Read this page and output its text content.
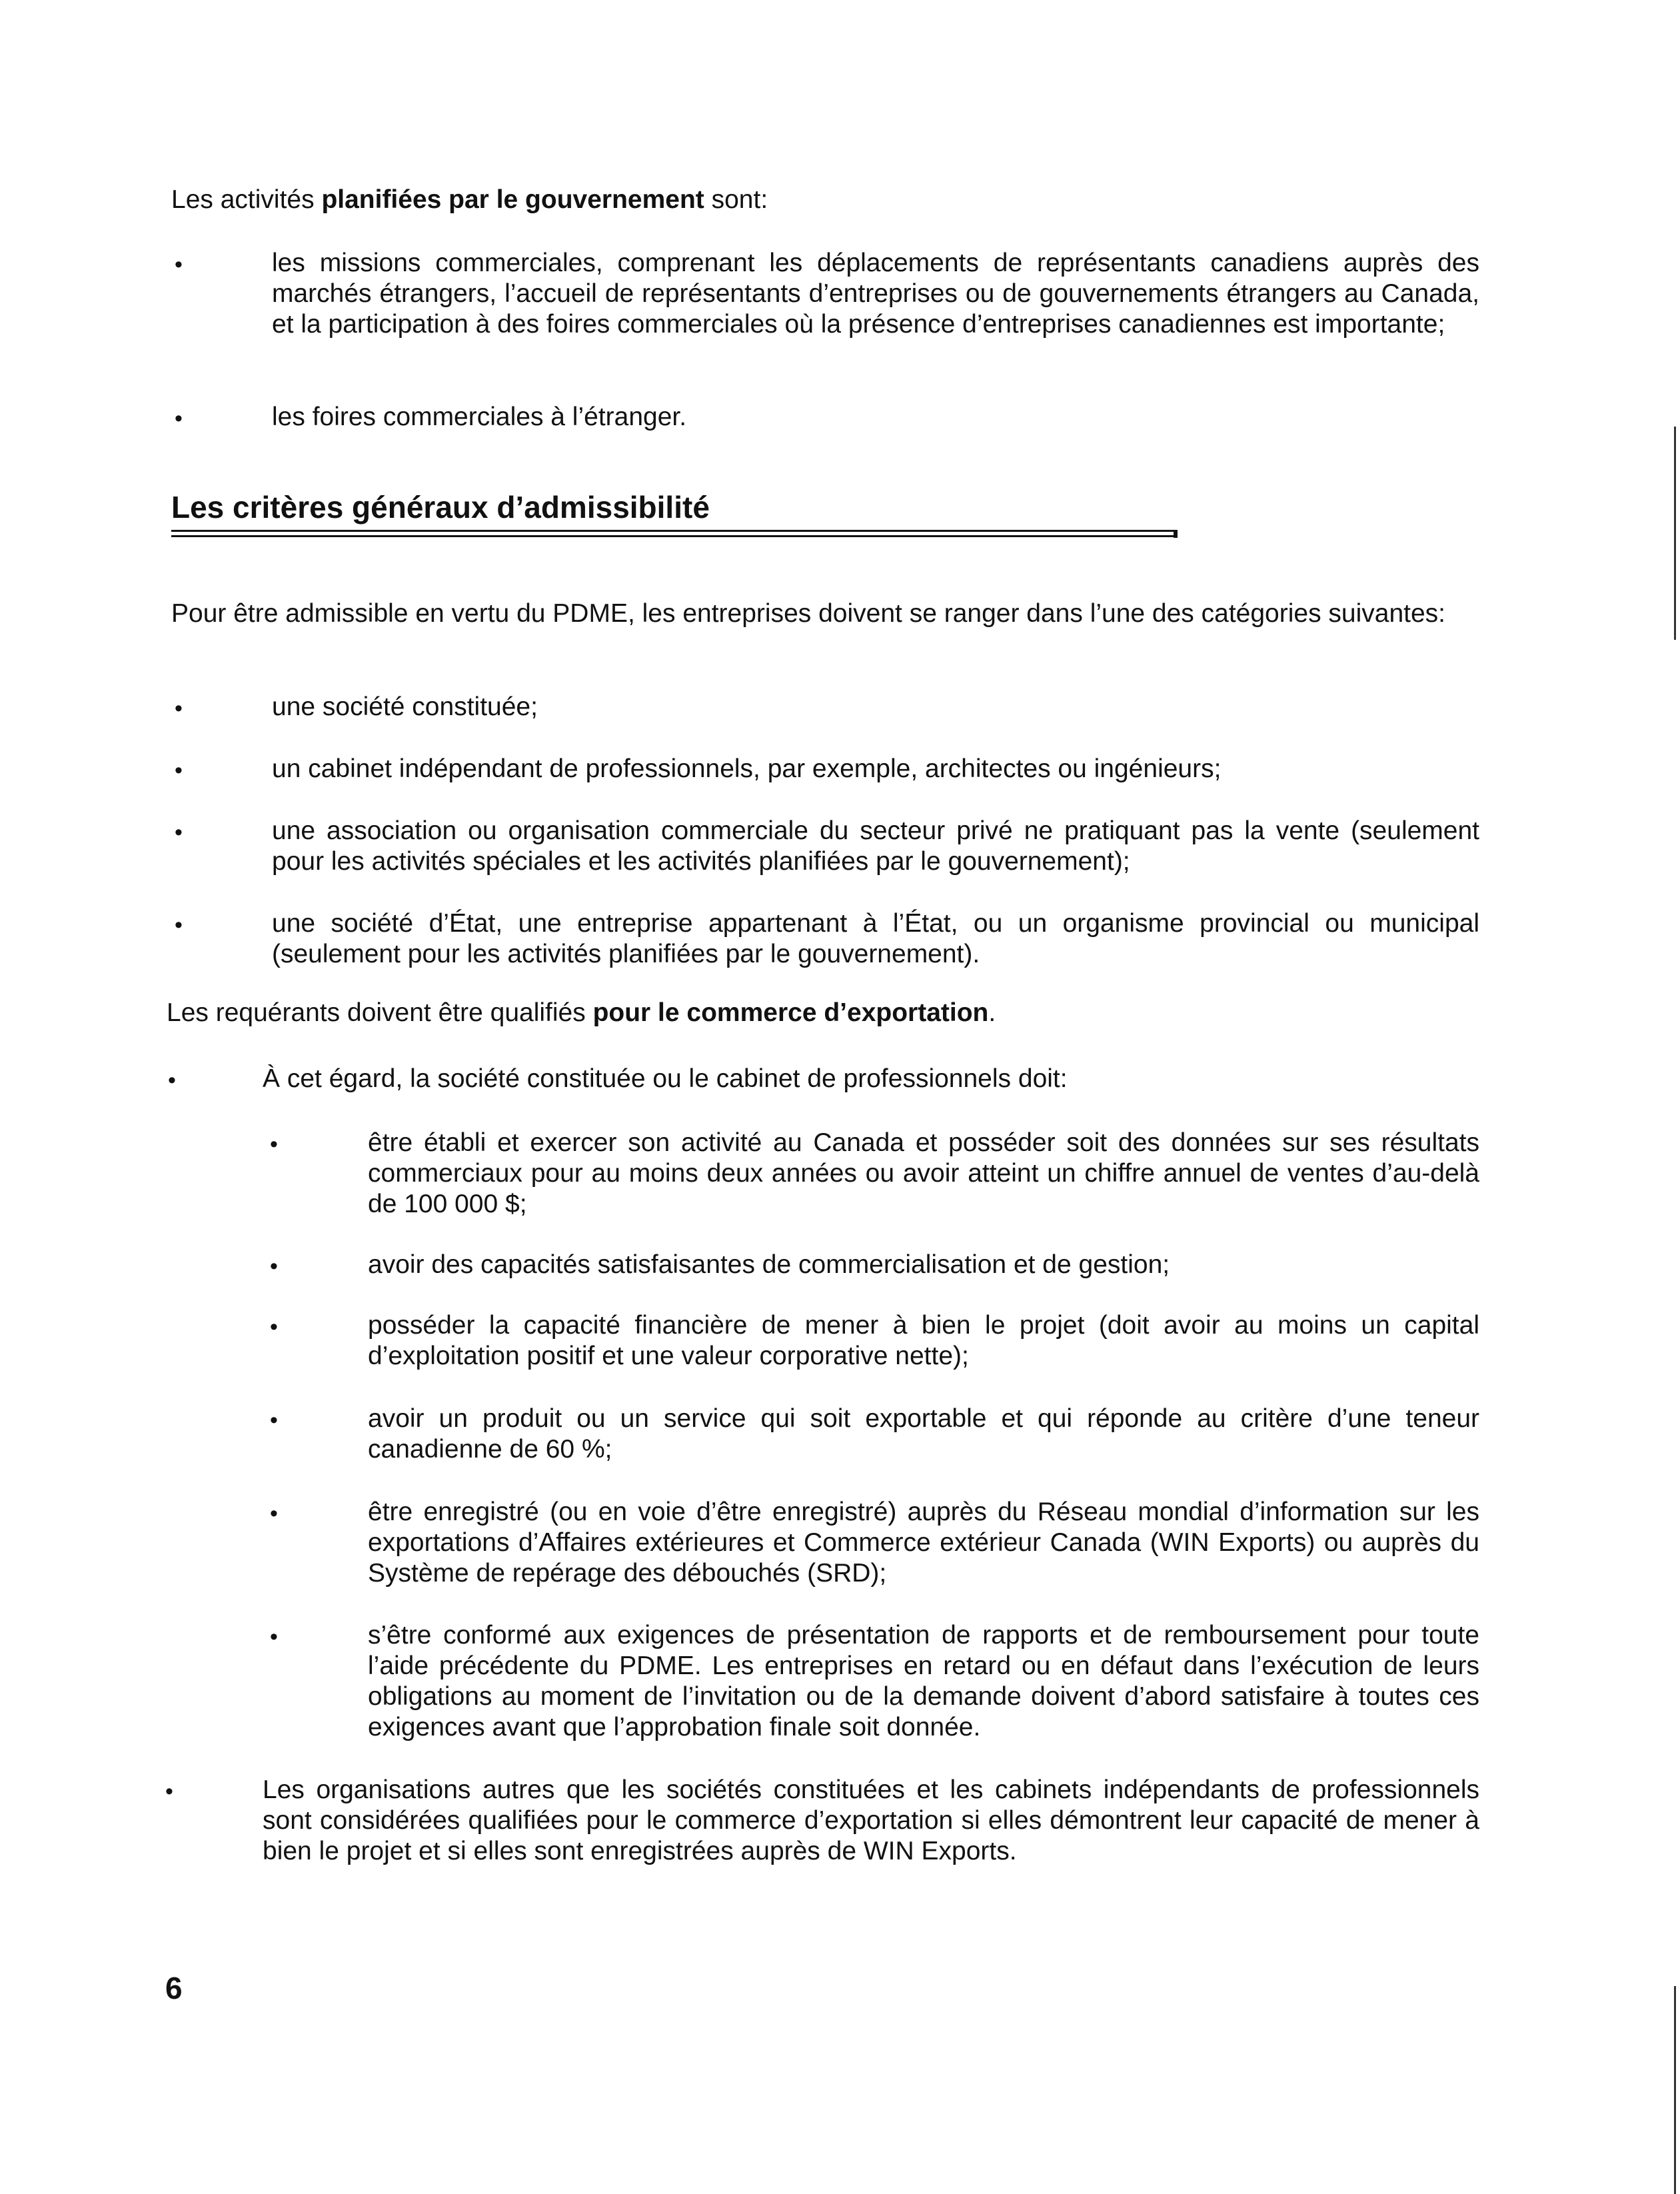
Les activités planifiées par le gouvernement sont:
•	les missions commerciales, comprenant les déplacements de représentants canadiens auprès des marchés étrangers, l’accueil de représentants d’entreprises ou de gouvernements étrangers au Canada, et la participation à des foires commerciales où la présence d’entreprises canadiennes est importante;
•	les foires commerciales à l’étranger.
Les critères généraux d’admissibilité
Pour être admissible en vertu du PDME, les entreprises doivent se ranger dans l’une des catégories suivantes:
•	une société constituée;
•	un cabinet indépendant de professionnels, par exemple, architectes ou ingénieurs;
•	une association ou organisation commerciale du secteur privé ne pratiquant pas la vente (seulement pour les activités spéciales et les activités planifiées par le gouvernement);
•	une société d’État, une entreprise appartenant à l’État, ou un organisme provincial ou municipal (seulement pour les activités planifiées par le gouvernement).
Les requérants doivent être qualifiés pour le commerce d’exportation.
•	À cet égard, la société constituée ou le cabinet de professionnels doit:
•	être établi et exercer son activité au Canada et posséder soit des données sur ses résultats commerciaux pour au moins deux années ou avoir atteint un chiffre annuel de ventes d’au-delà de 100 000 $;
•	avoir des capacités satisfaisantes de commercialisation et de gestion;
•	posséder la capacité financière de mener à bien le projet (doit avoir au moins un capital d’exploitation positif et une valeur corporative nette);
•	avoir un produit ou un service qui soit exportable et qui réponde au critère d’une teneur canadienne de 60 %;
•	être enregistré (ou en voie d’être enregistré) auprès du Réseau mondial d’information sur les exportations d’Affaires extérieures et Commerce extérieur Canada (WIN Exports) ou auprès du Système de repérage des débouchés (SRD);
•	s’être conformé aux exigences de présentation de rapports et de remboursement pour toute l’aide précédente du PDME. Les entreprises en retard ou en défaut dans l’exécution de leurs obligations au moment de l’invitation ou de la demande doivent d’abord satisfaire à toutes ces exigences avant que l’approbation finale soit donnée.
•	Les organisations autres que les sociétés constituées et les cabinets indépendants de professionnels sont considérées qualifiées pour le commerce d’exportation si elles démontrent leur capacité de mener à bien le projet et si elles sont enregistrées auprès de WIN Exports.
6
